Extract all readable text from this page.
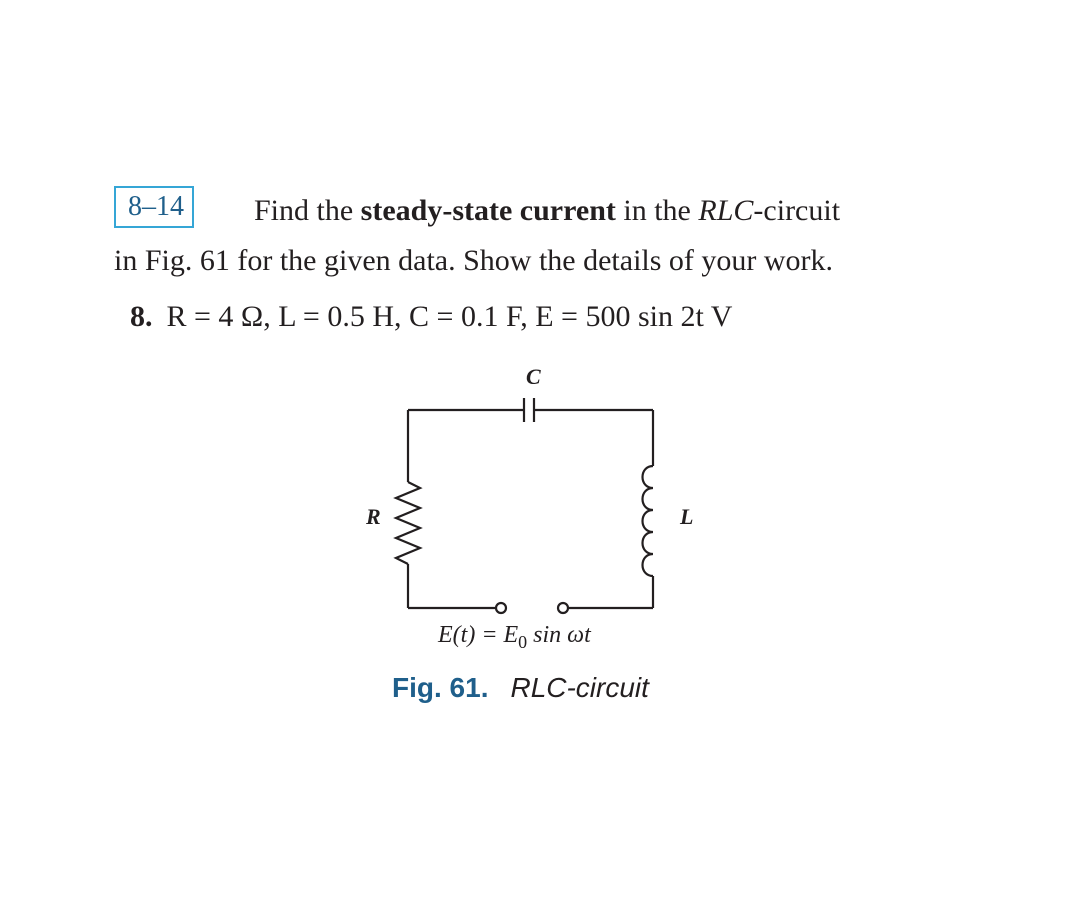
8–14	Find the steady-state current in the RLC-circuit
in Fig. 61 for the given data. Show the details of your work.
8. R = 4 Ω, L = 0.5 H, C = 0.1 F, E = 500 sin 2t V
C
R	L
$E(t) = E_0$ sin ωt
Fig. 61. RLC-circuit
